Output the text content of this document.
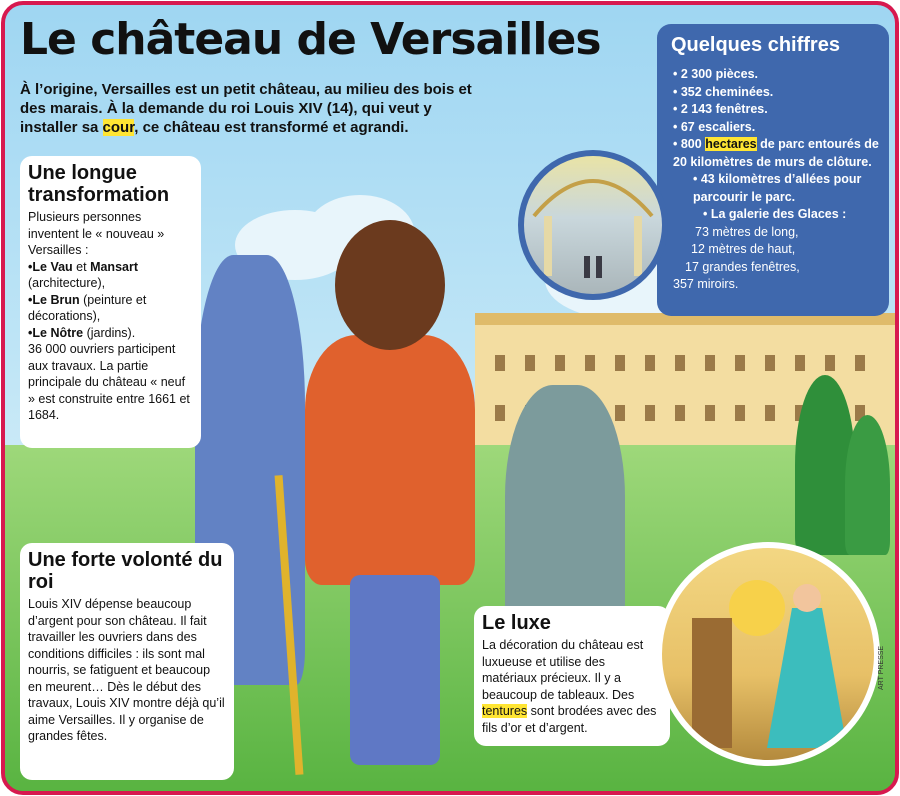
Le château de Versailles
À l’origine, Versailles est un petit château, au milieu des bois et des marais. À la demande du roi Louis XIV (14), qui veut y installer sa cour, ce château est transformé et agrandi.
Une longue transformation
Plusieurs personnes inventent le « nouveau » Versailles :
•Le Vau et Mansart (architecture),
•Le Brun (peinture et décorations),
•Le Nôtre (jardins).
36 000 ouvriers participent aux travaux. La partie principale du château « neuf » est construite entre 1661 et 1684.
Une forte volonté du roi
Louis XIV dépense beaucoup d’argent pour son château. Il fait travailler les ouvriers dans des conditions difficiles : ils sont mal nourris, se fatiguent et beaucoup en meurent… Dès le début des travaux, Louis XIV montre déjà qu’il aime Versailles. Il y organise de grandes fêtes.
Le luxe
La décoration du château est luxueuse et utilise des matériaux précieux. Il y a beaucoup de tableaux. Des tentures sont brodées avec des fils d’or et d’argent.
Quelques chiffres
• 2 300 pièces.
• 352 cheminées.
• 2 143 fenêtres.
• 67 escaliers.
• 800 hectares de parc entourés de 20 kilomètres de murs de clôture.
• 43 kilomètres d’allées pour parcourir le parc.
• La galerie des Glaces :
73 mètres de long,
12 mètres de haut,
17 grandes fenêtres,
357 miroirs.
ART PRESSE
